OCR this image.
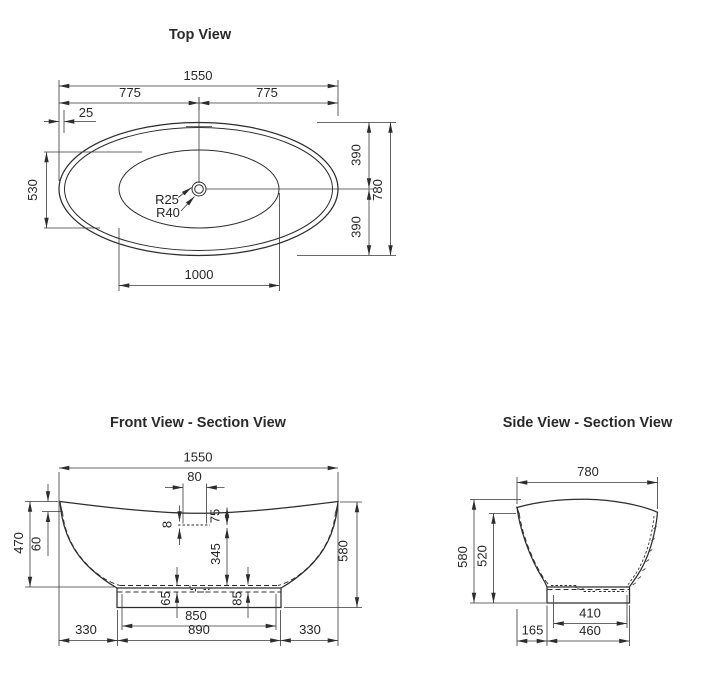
Top View
1550
775	775
25
530
390
390
780
1000
R25
R40
Front View - Section View
1550
80
8
75
345
470 60
65	85
850
330	890	330
580
Side View - Section View
780
580 520
410
460
165
